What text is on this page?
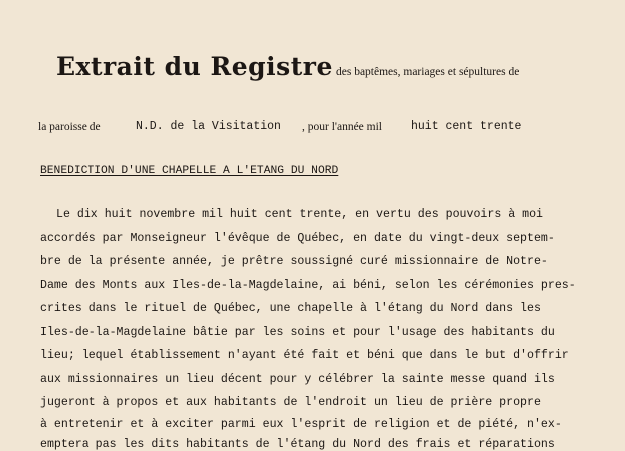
Extrait du Registre des baptêmes, mariages et sépultures de
la paroisse de	N.D. de la Visitation , pour l'année mil	huit cent trente
BENEDICTION D'UNE CHAPELLE A L'ETANG DU NORD
Le dix huit novembre mil huit cent trente, en vertu des pouvoirs à moi
accordés par Monseigneur l'évêque de Québec, en date du vingt-deux septem-
bre de la présente année, je prêtre soussigné curé missionnaire de Notre-
Dame des Monts aux Iles-de-la-Magdelaine, ai béni, selon les cérémonies pres-
crites dans le rituel de Québec, une chapelle à l'étang du Nord dans les
Iles-de-la-Magdelaine bâtie par les soins et pour l'usage des habitants du
lieu; lequel établissement n'ayant été fait et béni que dans le but d'offrir
aux missionnaires un lieu décent pour y célébrer la sainte messe quand ils
jugeront à propos et aux habitants de l'endroit un lieu de prière propre
à entretenir et à exciter parmi eux l'esprit de religion et de piété, n'ex-
emptera pas les dits habitants de l'étang du Nord des frais et réparations
